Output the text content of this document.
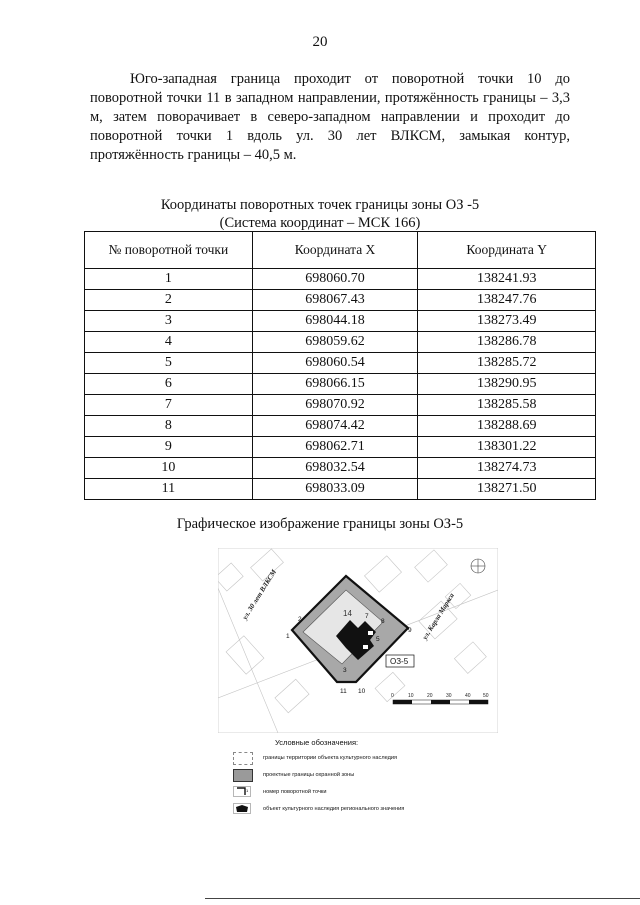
20
Юго-западная граница проходит от поворотной точки 10 до поворотной точки 11 в западном направлении, протяжённость границы – 3,3 м, затем поворачивает в северо-западном направлении и проходит до поворотной точки 1 вдоль ул. 30 лет ВЛКСМ, замыкая контур, протяжённость границы – 40,5 м.
Координаты поворотных точек границы зоны ОЗ -5
(Система координат – МСК 166)
№ поворотной точки	Координата X	Координата Y
1	698060.70	138241.93
2	698067.43	138247.76
3	698044.18	138273.49
4	698059.62	138286.78
5	698060.54	138285.72
6	698066.15	138290.95
7	698070.92	138285.58
8	698074.42	138288.69
9	698062.71	138301.22
10	698032.54	138274.73
11	698033.09	138271.50
Графическое изображение границы зоны ОЗ-5
14
1
2
3
5
7
8
9
10
11
ОЗ-5
ул. 30 лет ВЛКСМ	ул. Карла Маркса
0	10	20	30	40 50
Условные обозначения:
границы территории объекта культурного наследия
проектные границы охранной зоны
1	номер поворотной точки
объект культурного наследия регионального значения
